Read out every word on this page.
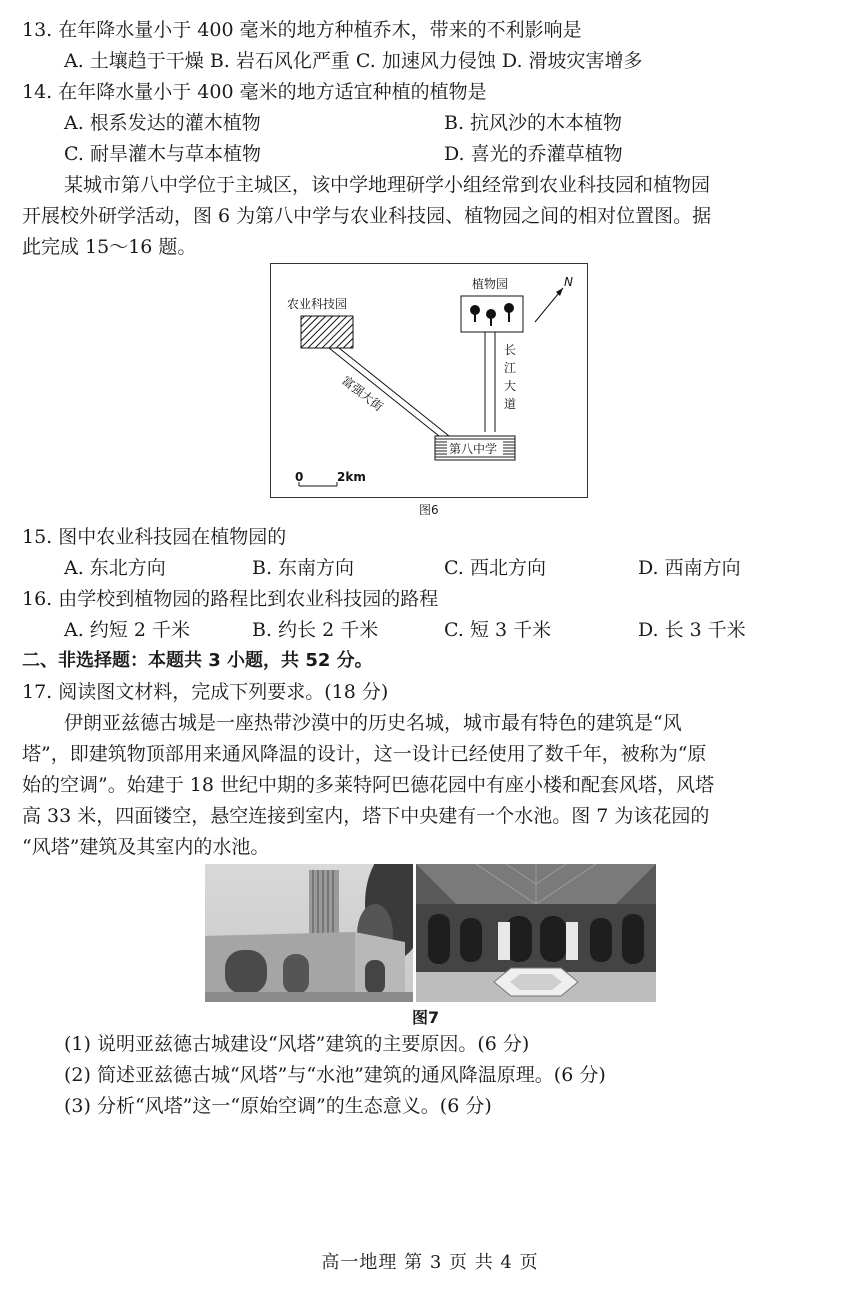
13. 在年降水量小于 400 毫米的地方种植乔木，带来的不利影响是
A. 土壤趋于干燥 B. 岩石风化严重 C. 加速风力侵蚀 D. 滑坡灾害增多
14. 在年降水量小于 400 毫米的地方适宜种植的植物是
A. 根系发达的灌木植物	B. 抗风沙的木本植物
C. 耐旱灌木与草本植物	D. 喜光的乔灌草植物
某城市第八中学位于主城区，该中学地理研学小组经常到农业科技园和植物园
开展校外研学活动，图 6 为第八中学与农业科技园、植物园之间的相对位置图。据
此完成 15～16 题。
农业科技园
富强大街
植物园	N
长
江
大
道
第八中学
0	2km
图6
15. 图中农业科技园在植物园的
A. 东北方向	B. 东南方向	C. 西北方向	D. 西南方向
16. 由学校到植物园的路程比到农业科技园的路程
A. 约短 2 千米	B. 约长 2 千米	C. 短 3 千米	D. 长 3 千米
二、非选择题：本题共 3 小题，共 52 分。
17. 阅读图文材料，完成下列要求。(18 分)
伊朗亚兹德古城是一座热带沙漠中的历史名城，城市最有特色的建筑是“风
塔”，即建筑物顶部用来通风降温的设计，这一设计已经使用了数千年，被称为“原
始的空调”。始建于 18 世纪中期的多莱特阿巴德花园中有座小楼和配套风塔，风塔
高 33 米，四面镂空，悬空连接到室内，塔下中央建有一个水池。图 7 为该花园的
“风塔”建筑及其室内的水池。
图7
(1) 说明亚兹德古城建设“风塔”建筑的主要原因。(6 分)
(2) 简述亚兹德古城“风塔”与“水池”建筑的通风降温原理。(6 分)
(3) 分析“风塔”这一“原始空调”的生态意义。(6 分)
高一地理 第 3 页 共 4 页
